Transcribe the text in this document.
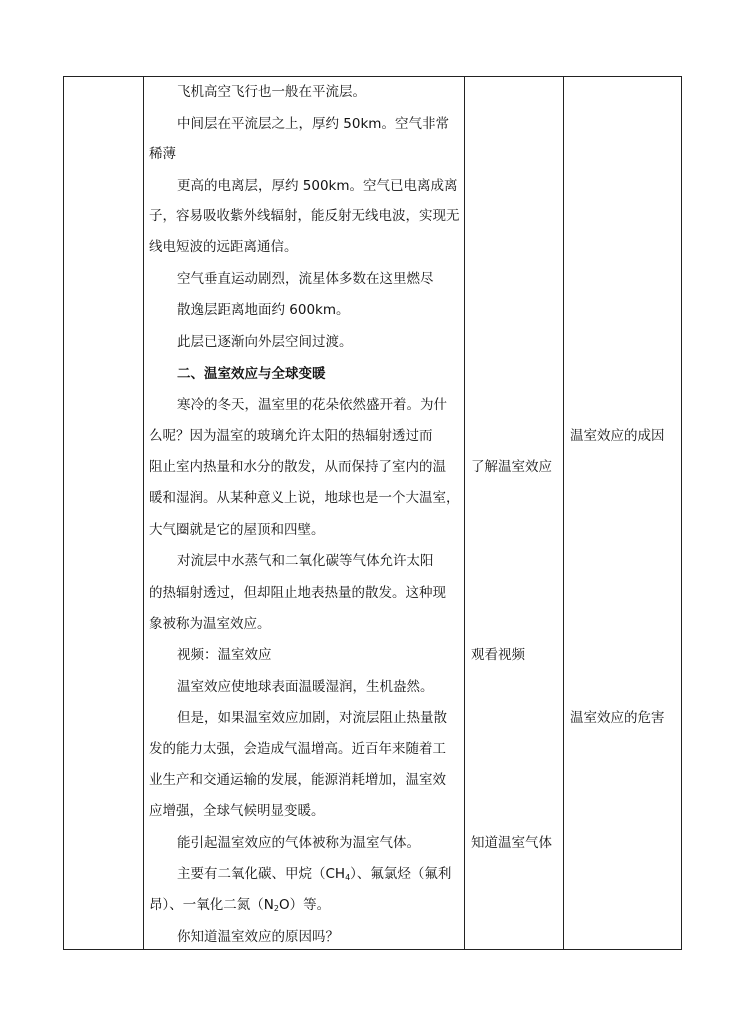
飞机高空飞行也一般在平流层。
中间层在平流层之上，厚约 50km。空气非常
稀薄
更高的电离层，厚约 500km。空气已电离成离
子，容易吸收紫外线辐射，能反射无线电波，实现无
线电短波的远距离通信。
空气垂直运动剧烈，流星体多数在这里燃尽
散逸层距离地面约 600km。
此层已逐渐向外层空间过渡。
二、温室效应与全球变暖
寒冷的冬天，温室里的花朵依然盛开着。为什
么呢？因为温室的玻璃允许太阳的热辐射透过而
阻止室内热量和水分的散发，从而保持了室内的温
暖和湿润。从某种意义上说，地球也是一个大温室，
大气圈就是它的屋顶和四壁。
对流层中水蒸气和二氧化碳等气体允许太阳
的热辐射透过，但却阻止地表热量的散发。这种现
象被称为温室效应。
视频：温室效应
温室效应使地球表面温暖湿润，生机盎然。
但是，如果温室效应加剧，对流层阻止热量散
发的能力太强，会造成气温增高。近百年来随着工
业生产和交通运输的发展，能源消耗增加，温室效
应增强，全球气候明显变暖。
能引起温室效应的气体被称为温室气体。
主要有二氧化碳、甲烷$(CH_4)$、氟氯烃（氟利
昂）、一氧化二氮$(N_2O)$等。
你知道温室效应的原因吗？
了解温室效应
观看视频
知道温室气体
温室效应的成因
温室效应的危害
